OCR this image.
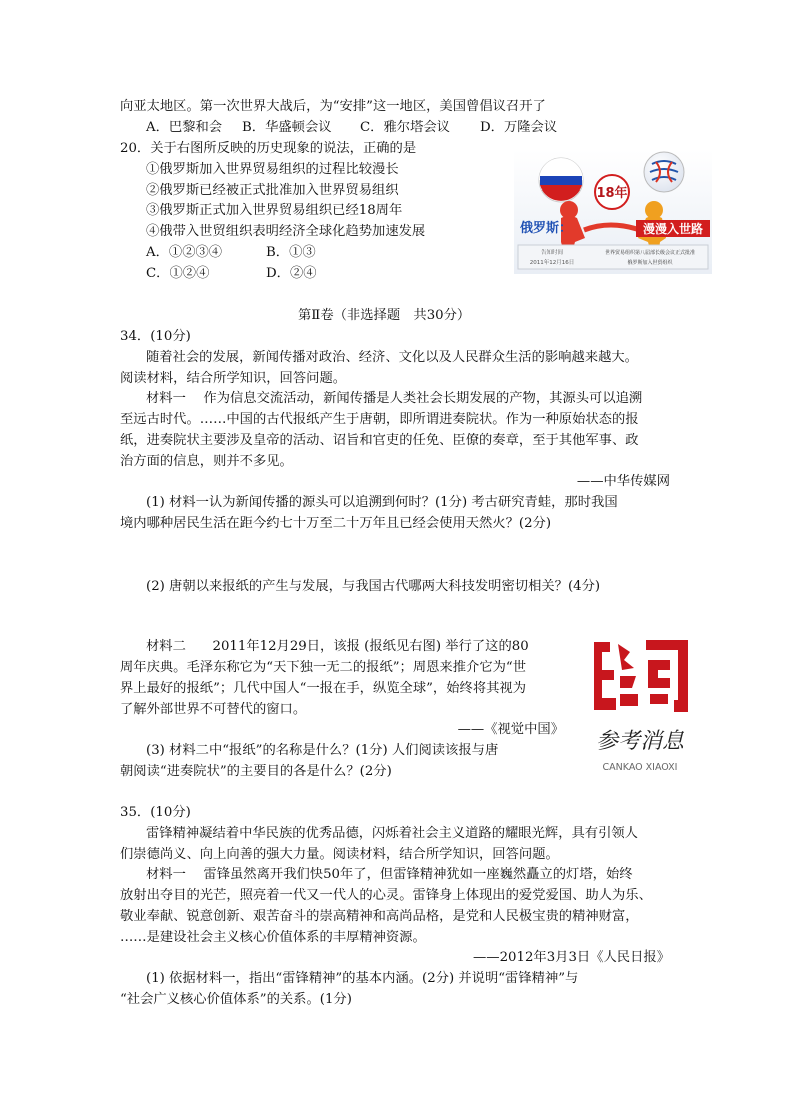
向亚太地区。第一次世界大战后，为“安排”这一地区，美国曾倡议召开了
A．巴黎和会 B．华盛顿会议 C．雅尔塔会议 D．万隆会议
20．关于右图所反映的历史现象的说法，正确的是
①俄罗斯加入世界贸易组织的过程比较漫长
②俄罗斯已经被正式批准加入世界贸易组织
③俄罗斯正式加入世界贸易组织已经18周年
④俄带入世贸组织表明经济全球化趋势加速发展
A．①②③④	B．①③
C．①②④	D．②④
18年
俄罗斯：	漫漫入世路
告知时间
2011年12月16日
世界贸易组织第八届部长级会议正式批准
俄罗斯加入世贸组织
第Ⅱ卷（非选择题　共30分）
34．(10分)
随着社会的发展，新闻传播对政治、经济、文化以及人民群众生活的影响越来越大。
阅读材料，结合所学知识，回答问题。
材料一　 作为信息交流活动，新闻传播是人类社会长期发展的产物，其源头可以追溯
至远古时代。……中国的古代报纸产生于唐朝，即所谓进奏院状。作为一种原始状态的报
纸，进奏院状主要涉及皇帝的活动、诏旨和官吏的任免、臣僚的奏章，至于其他军事、政
治方面的信息，则并不多见。
——中华传媒网
(1) 材料一认为新闻传播的源头可以追溯到何时？(1分) 考古研究青蛙，那时我国
境内哪种居民生活在距今约七十万至二十万年且已经会使用天然火？(2分)
(2) 唐朝以来报纸的产生与发展，与我国古代哪两大科技发明密切相关？(4分)
材料二　　2011年12月29日，该报 (报纸见右图) 举行了这的80
周年庆典。毛泽东称它为“天下独一无二的报纸”；周恩来推介它为“世
界上最好的报纸”；几代中国人“一报在手，纵览全球”，始终将其视为
了解外部世界不可替代的窗口。
——《视觉中国》
(3) 材料二中“报纸”的名称是什么？(1分) 人们阅读该报与唐
朝阅读“进奏院状”的主要目的各是什么？(2分)
参考消息
CANKAO XIAOXI
35．(10分)
雷锋精神凝结着中华民族的优秀品德，闪烁着社会主义道路的耀眼光辉，具有引领人
们崇德尚义、向上向善的强大力量。阅读材料，结合所学知识，回答问题。
材料一　 雷锋虽然离开我们快50年了，但雷锋精神犹如一座巍然矗立的灯塔，始终
放射出夺目的光芒，照亮着一代又一代人的心灵。雷锋身上体现出的爱党爱国、助人为乐、
敬业奉献、锐意创新、艰苦奋斗的崇高精神和高尚品格，是党和人民极宝贵的精神财富，
……是建设社会主义核心价值体系的丰厚精神资源。
——2012年3月3日《人民日报》
(1) 依据材料一，指出“雷锋精神”的基本内涵。(2分) 并说明“雷锋精神”与
“社会广义核心价值体系”的关系。(1分)
